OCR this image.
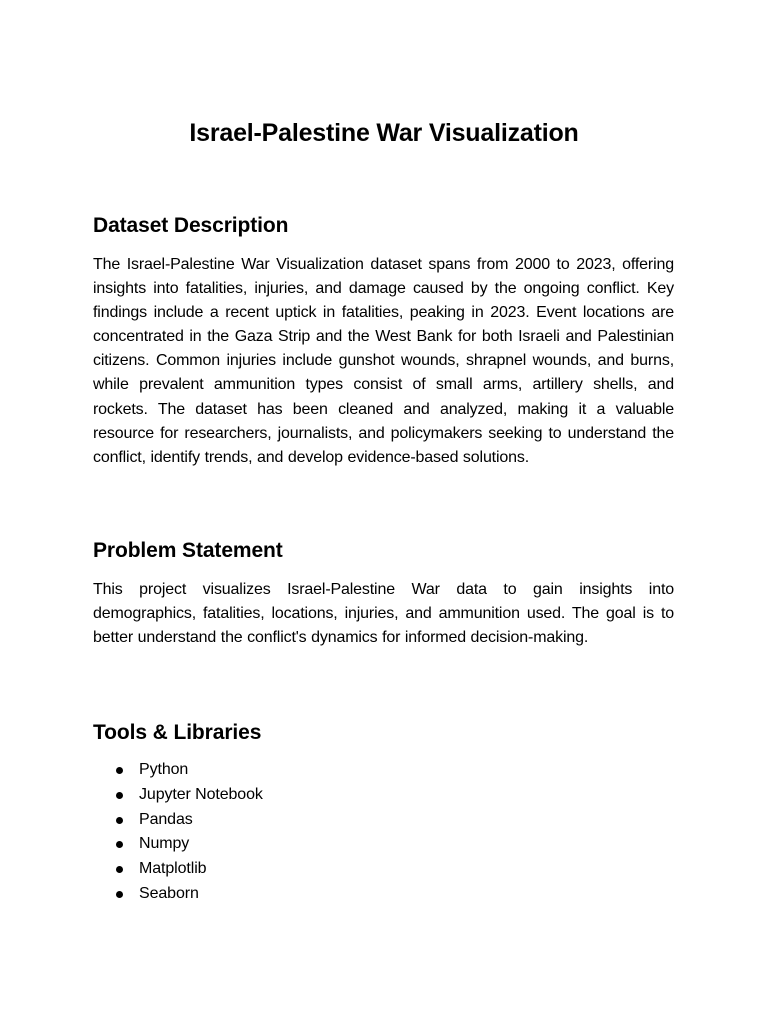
Israel-Palestine War Visualization
Dataset Description

The Israel-Palestine War Visualization dataset spans from 2000 to 2023, offering insights into fatalities, injuries, and damage caused by the ongoing conflict. Key findings include a recent uptick in fatalities, peaking in 2023. Event locations are concentrated in the Gaza Strip and the West Bank for both Israeli and Palestinian citizens. Common injuries include gunshot wounds, shrapnel wounds, and burns, while prevalent ammunition types consist of small arms, artillery shells, and rockets. The dataset has been cleaned and analyzed, making it a valuable resource for researchers, journalists, and policymakers seeking to understand the conflict, identify trends, and develop evidence-based solutions.

Problem Statement

This project visualizes Israel-Palestine War data to gain insights into demographics, fatalities, locations, injuries, and ammunition used. The goal is to better understand the conflict's dynamics for informed decision-making.

Tools & Libraries
Python
Jupyter Notebook
Pandas
Numpy
Matplotlib
Seaborn
